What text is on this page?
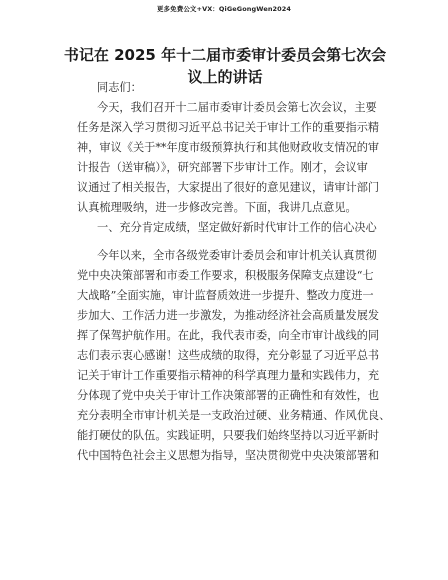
更多免费公文+VX：QiGeGongWen2024
书记在 2025 年十二届市委审计委员会第七次会
议上的讲话
同志们：
今天，我们召开十二届市委审计委员会第七次会议，主要
任务是深入学习贯彻习近平总书记关于审计工作的重要指示精
神，审议《关于**年度市级预算执行和其他财政收支情况的审
计报告（送审稿）》，研究部署下步审计工作。刚才，会议审
议通过了相关报告，大家提出了很好的意见建议，请审计部门
认真梳理吸纳，进一步修改完善。下面，我讲几点意见。
一、充分肯定成绩，坚定做好新时代审计工作的信心决心
今年以来，全市各级党委审计委员会和审计机关认真贯彻
党中央决策部署和市委工作要求，积极服务保障支点建设“七
大战略”全面实施，审计监督质效进一步提升、整改力度进一
步加大、工作活力进一步激发，为推动经济社会高质量发展发
挥了保驾护航作用。在此，我代表市委，向全市审计战线的同
志们表示衷心感谢！这些成绩的取得，充分彰显了习近平总书
记关于审计工作重要指示精神的科学真理力量和实践伟力，充
分体现了党中央关于审计工作决策部署的正确性和有效性，也
充分表明全市审计机关是一支政治过硬、业务精通、作风优良、
能打硬仗的队伍。实践证明，只要我们始终坚持以习近平新时
代中国特色社会主义思想为指导，坚决贯彻党中央决策部署和
